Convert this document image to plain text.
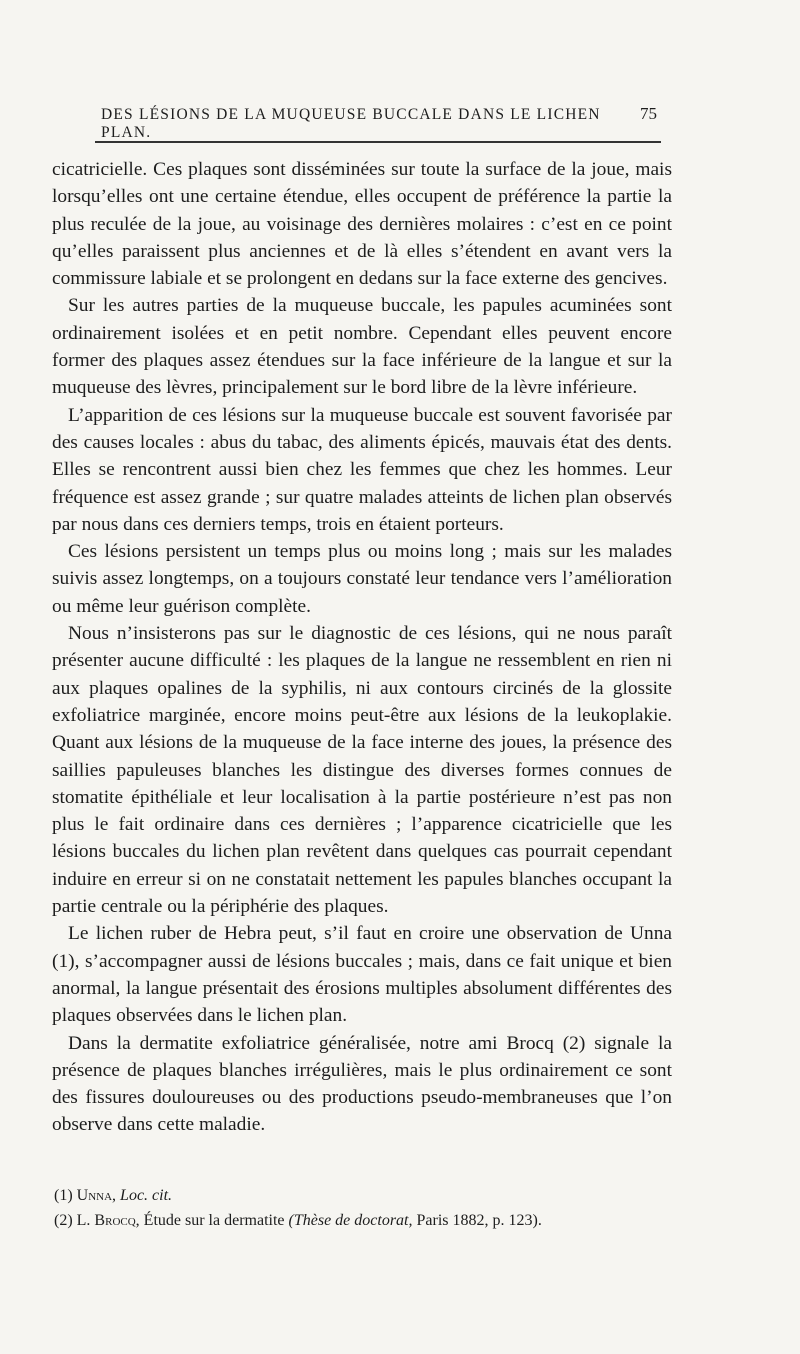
DES LÉSIONS DE LA MUQUEUSE BUCCALE DANS LE LICHEN PLAN.
75

cicatricielle. Ces plaques sont disséminées sur toute la surface de la joue, mais lorsqu’elles ont une certaine étendue, elles occupent de préférence la partie la plus reculée de la joue, au voisinage des dernières molaires : c’est en ce point qu’elles paraissent plus anciennes et de là elles s’étendent en avant vers la commissure labiale et se prolongent en dedans sur la face externe des gencives.

Sur les autres parties de la muqueuse buccale, les papules acuminées sont ordinairement isolées et en petit nombre. Cependant elles peuvent encore former des plaques assez étendues sur la face inférieure de la langue et sur la muqueuse des lèvres, principalement sur le bord libre de la lèvre inférieure.

L’apparition de ces lésions sur la muqueuse buccale est souvent favorisée par des causes locales : abus du tabac, des aliments épicés, mauvais état des dents. Elles se rencontrent aussi bien chez les femmes que chez les hommes. Leur fréquence est assez grande ; sur quatre malades atteints de lichen plan observés par nous dans ces derniers temps, trois en étaient porteurs.

Ces lésions persistent un temps plus ou moins long ; mais sur les malades suivis assez longtemps, on a toujours constaté leur tendance vers l’amélioration ou même leur guérison complète.

Nous n’insisterons pas sur le diagnostic de ces lésions, qui ne nous paraît présenter aucune difficulté : les plaques de la langue ne ressemblent en rien ni aux plaques opalines de la syphilis, ni aux contours circinés de la glossite exfoliatrice marginée, encore moins peut-être aux lésions de la leukoplakie. Quant aux lésions de la muqueuse de la face interne des joues, la présence des saillies papuleuses blanches les distingue des diverses formes connues de stomatite épithéliale et leur localisation à la partie postérieure n’est pas non plus le fait ordinaire dans ces dernières ; l’apparence cicatricielle que les lésions buccales du lichen plan revêtent dans quelques cas pourrait cependant induire en erreur si on ne constatait nettement les papules blanches occupant la partie centrale ou la périphérie des plaques.

Le lichen ruber de Hebra peut, s’il faut en croire une observation de Unna (1), s’accompagner aussi de lésions buccales ; mais, dans ce fait unique et bien anormal, la langue présentait des érosions multiples absolument différentes des plaques observées dans le lichen plan.

Dans la dermatite exfoliatrice généralisée, notre ami Brocq (2) signale la présence de plaques blanches irrégulières, mais le plus ordinairement ce sont des fissures douloureuses ou des productions pseudo-membraneuses que l’on observe dans cette maladie.

(1) Unna, Loc. cit.

(2) L. Brocq, Étude sur la dermatite (Thèse de doctorat, Paris 1882, p. 123).
